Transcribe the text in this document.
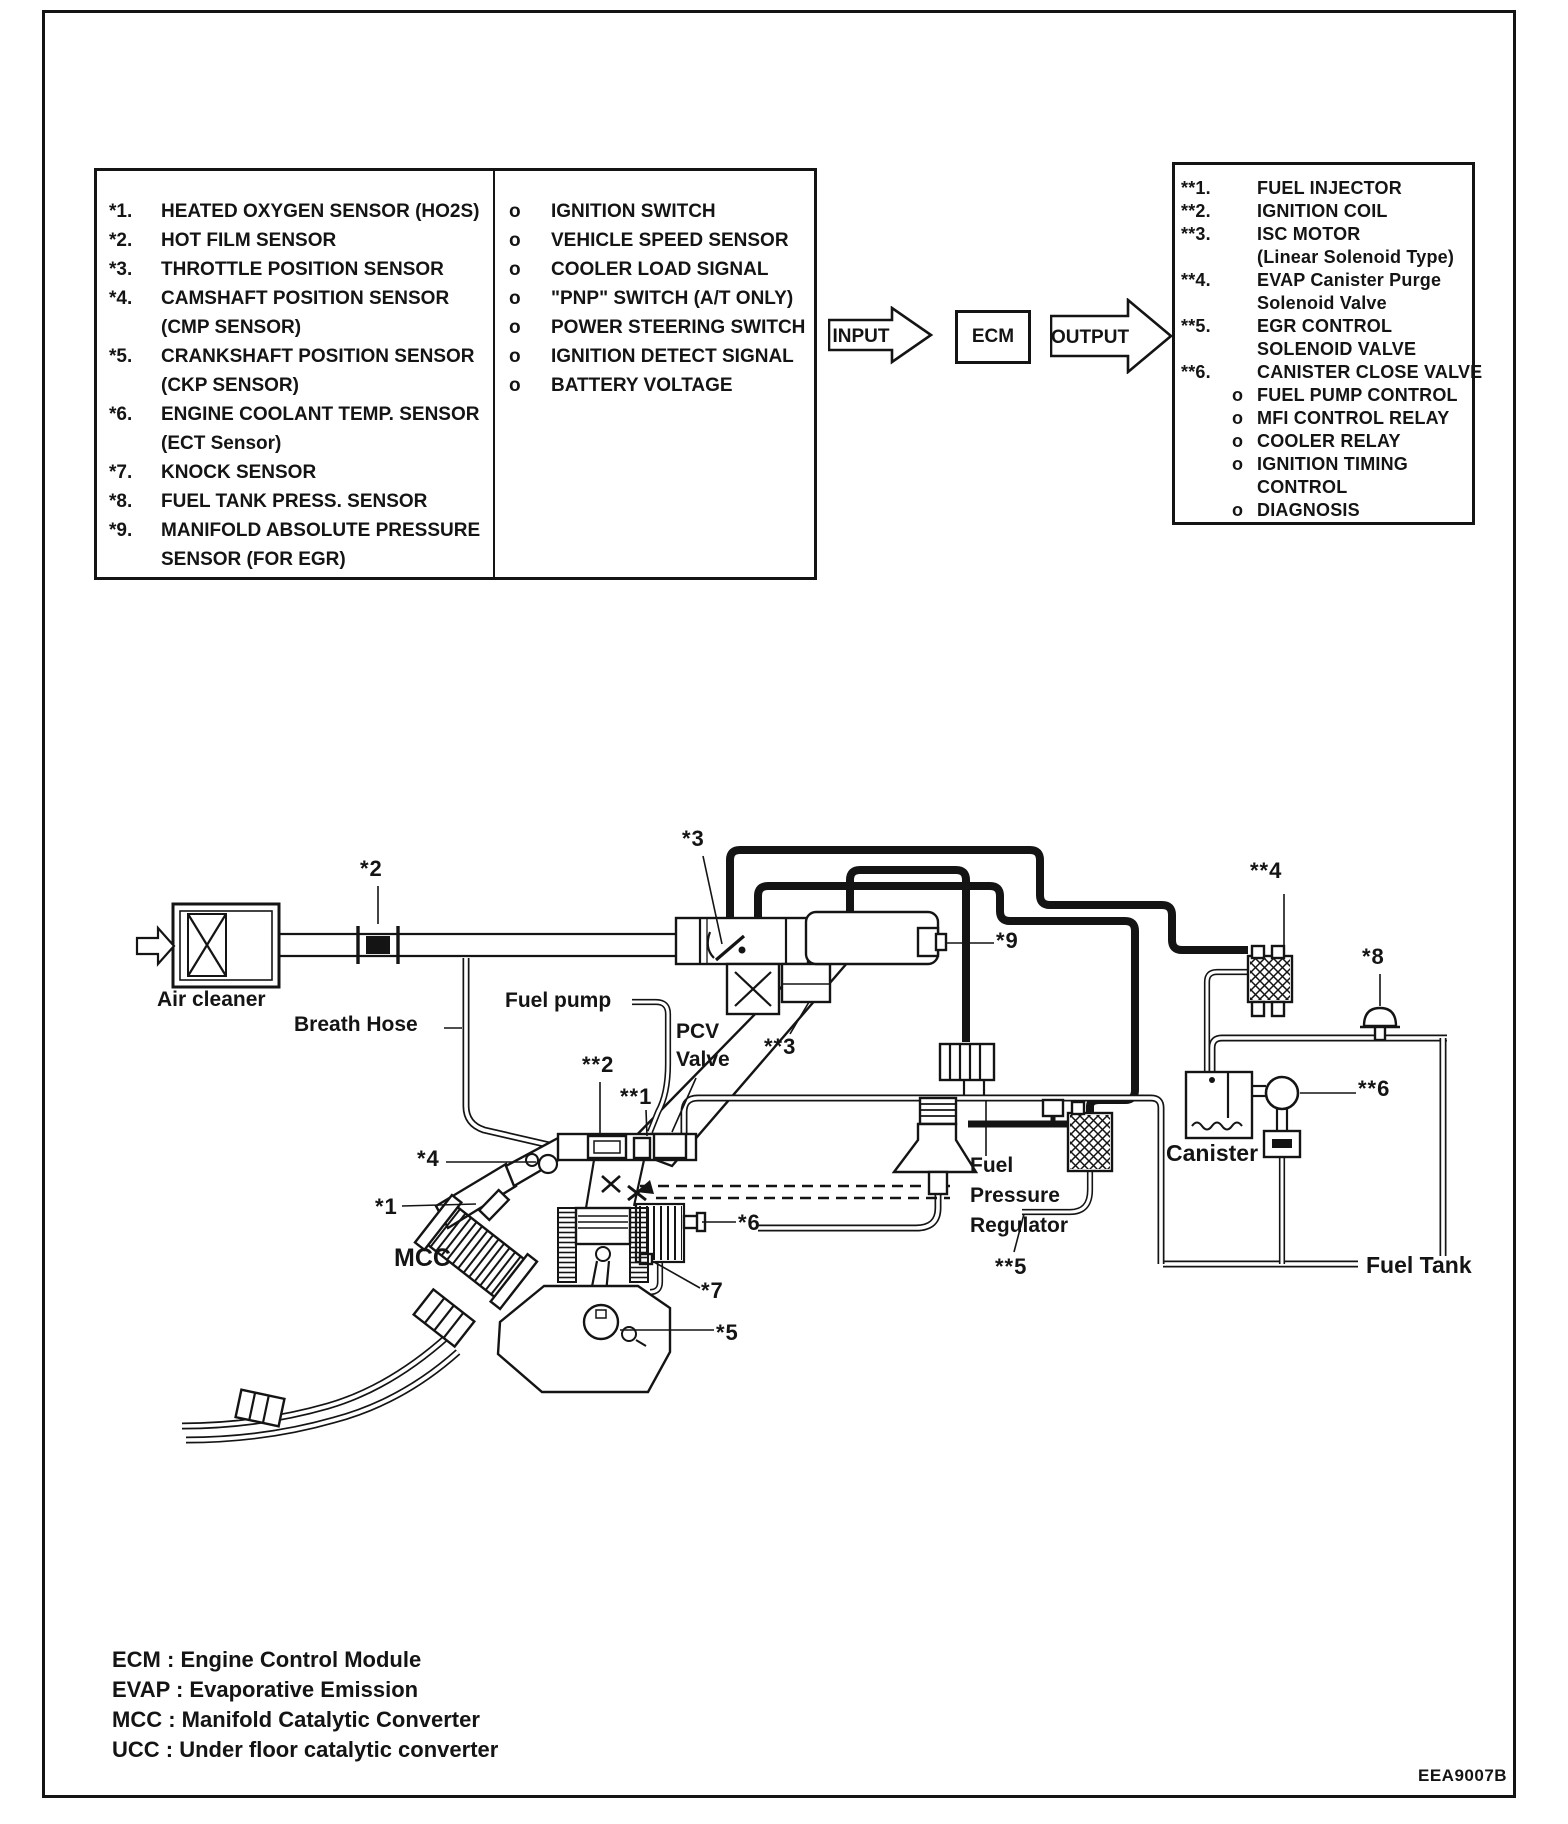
*1.	HEATED OXYGEN SENSOR (HO2S)
*2.	HOT FILM SENSOR
*3.	THROTTLE POSITION SENSOR
*4.	CAMSHAFT POSITION SENSOR
(CMP SENSOR)
*5.	CRANKSHAFT POSITION SENSOR
(CKP SENSOR)
*6.	ENGINE COOLANT TEMP. SENSOR
(ECT Sensor)
*7.	KNOCK SENSOR
*8.	FUEL TANK PRESS. SENSOR
*9.	MANIFOLD ABSOLUTE PRESSURE
SENSOR (FOR EGR)
o	IGNITION SWITCH
o	VEHICLE SPEED SENSOR
o	COOLER LOAD SIGNAL
o	"PNP" SWITCH (A/T ONLY)
o	POWER STEERING SWITCH
o	IGNITION DETECT SIGNAL
o	BATTERY VOLTAGE
INPUT	ECM OUTPUT
**1.	FUEL INJECTOR
**2.	IGNITION COIL
**3.	ISC MOTOR
(Linear Solenoid Type)
**4.	EVAP Canister Purge
Solenoid Valve
**5.	EGR CONTROL
SOLENOID VALVE
**6.	CANISTER CLOSE VALVE
o FUEL PUMP CONTROL
o MFI CONTROL RELAY
o COOLER RELAY
o IGNITION TIMING
CONTROL
o DIAGNOSIS
Air cleaner
Breath Hose
Fuel pump
PCV
Valve
MCC
Fuel
Pressure
Regulator
Canister
Fuel Tank
*1
*2
*3
*4
*5
*6
*7
*8
*9
**1
**2
**3
**4
**5
**6
ECM : Engine Control Module
EVAP : Evaporative Emission
MCC : Manifold Catalytic Converter
UCC : Under floor catalytic converter
EEA9007B
